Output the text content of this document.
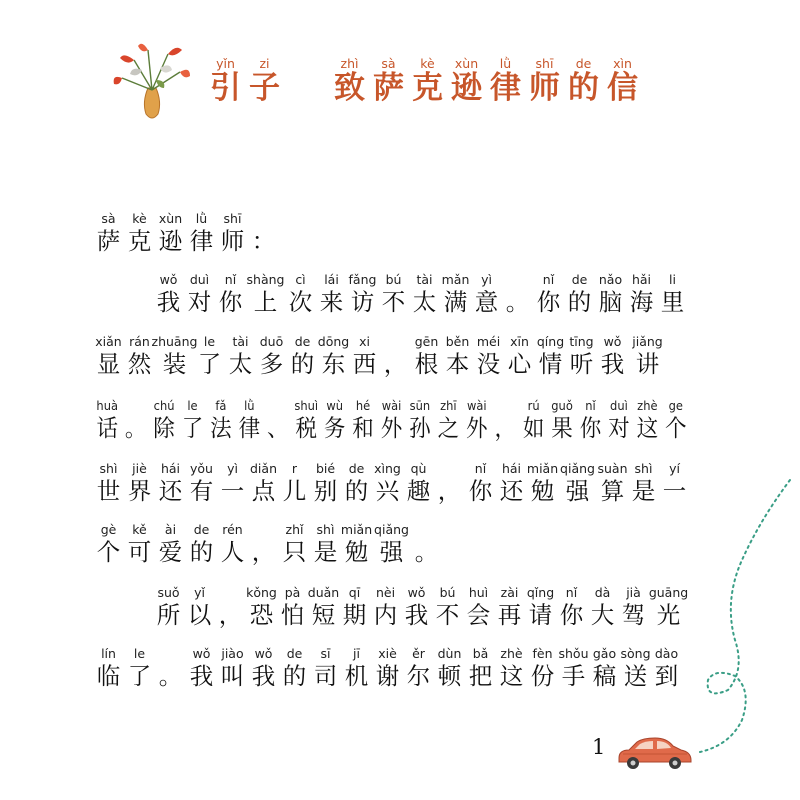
yǐn
引
zi
子
zhì
致
sà
萨
kè
克
xùn
逊
lǜ
律
shī
师
de
的
xìn
信
sà
萨
kè
克
xùn
逊
lǜ
律
shī
师 ：
wǒ
我
duì
对
nǐ
你
shàng
上
cì
次
lái
来
fǎng
访
bú
不
tài
太
mǎn
满
yì
意 。
nǐ
你
de
的
nǎo
脑
hǎi
海
li
里
xiǎn
显
rán
然
zhuāng
装
le
了
tài
太
duō
多
de
的
dōng
东
xi
西 ，
gēn
根
běn
本
méi
没
xīn
心
qíng
情
tīng
听
wǒ
我
jiǎng
讲
huà
话 。
chú
除
le
了
fǎ
法
lǜ
律 、
shuì
税
wù
务
hé
和
wài
外
sūn
孙
zhī
之
wài
外 ，
rú
如
guǒ
果
nǐ
你
duì
对
zhè
这
ge
个
shì
世
jiè
界
hái
还
yǒu
有
yì
一
diǎn
点
r
儿
bié
别
de
的
xìng
兴
qù
趣 ，
nǐ
你
hái
还
miǎn
勉
qiǎng
强
suàn
算
shì
是
yí
一
gè
个
kě
可
ài
爱
de
的
rén
人 ，
zhǐ
只
shì
是
miǎn
勉
qiǎng
强 。
suǒ
所
yǐ
以 ，
kǒng
恐
pà
怕
duǎn
短
qī
期
nèi
内
wǒ
我
bú
不
huì
会
zài
再
qǐng
请
nǐ
你
dà
大
jià
驾
guāng
光
lín
临
le
了 。
wǒ
我
jiào
叫
wǒ
我
de
的
sī
司
jī
机
xiè
谢
ěr
尔
dùn
顿
bǎ
把
zhè
这
fèn
份
shǒu
手
gǎo
稿
sòng
送
dào
到
1
